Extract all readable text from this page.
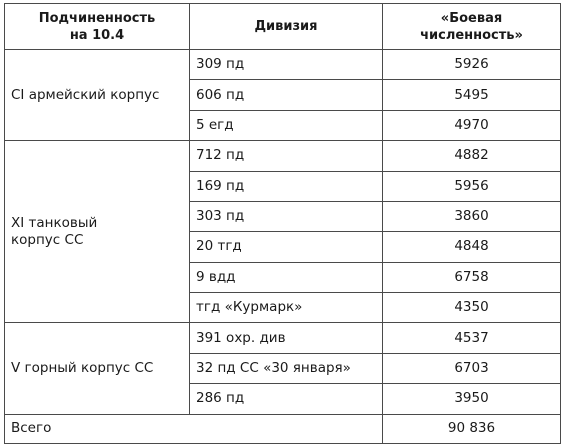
Подчиненность
на 10.4	Дивизия	«Боевая
численность»
CI армейский корпус	309 пд	5926
	606 пд	5495
	5 егд	4970
XI танковый
корпус СС	712 пд	4882
	169 пд	5956
	303 пд	3860
	20 тгд	4848
	9 вдд	6758
	тгд «Курмарк»	4350
V горный корпус СС	391 охр. див	4537
	32 пд СС «30 января»	6703
	286 пд	3950
Всего		90 836
